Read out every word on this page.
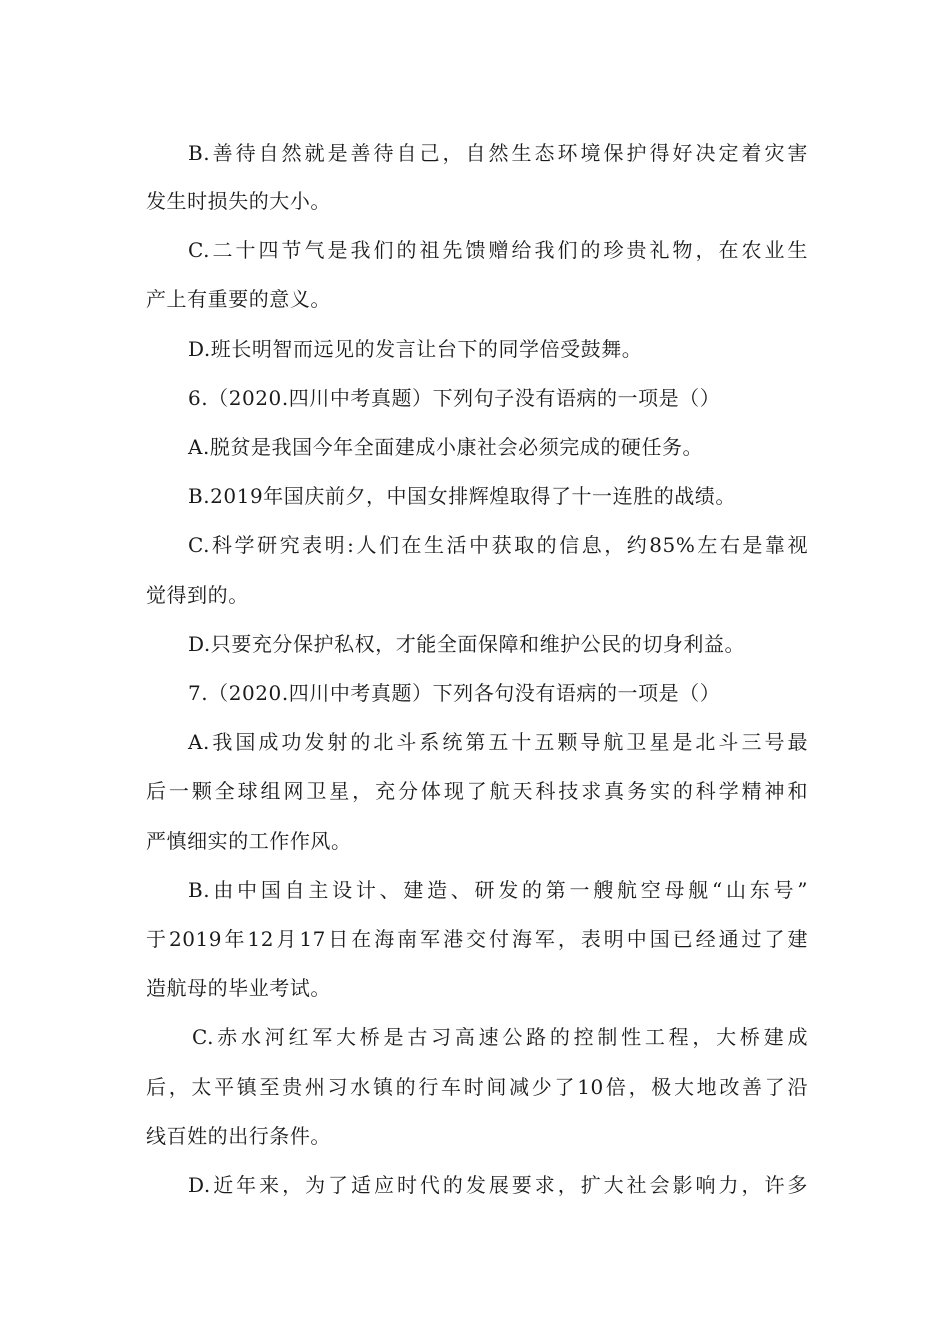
B.善待自然就是善待自己，自然生态环境保护得好决定着灾害

发生时损失的大小。

C.二十四节气是我们的祖先馈赠给我们的珍贵礼物，在农业生

产上有重要的意义。

D.班长明智而远见的发言让台下的同学倍受鼓舞。

6.（2020.四川中考真题）下列句子没有语病的一项是（）

A.脱贫是我国今年全面建成小康社会必须完成的硬任务。

B.2019年国庆前夕，中国女排辉煌取得了十一连胜的战绩。

C.科学研究表明:人们在生活中获取的信息，约85%左右是靠视

觉得到的。

D.只要充分保护私权，才能全面保障和维护公民的切身利益。

7.（2020.四川中考真题）下列各句没有语病的一项是（）

A.我国成功发射的北斗系统第五十五颗导航卫星是北斗三号最

后一颗全球组网卫星，充分体现了航天科技求真务实的科学精神和

严慎细实的工作作风。

B.由中国自主设计、建造、研发的第一艘航空母舰“山东号”

于2019年12月17日在海南军港交付海军，表明中国已经通过了建

造航母的毕业考试。

C.赤水河红军大桥是古习高速公路的控制性工程，大桥建成

后，太平镇至贵州习水镇的行车时间减少了10倍，极大地改善了沿

线百姓的出行条件。

D.近年来，为了适应时代的发展要求，扩大社会影响力，许多
